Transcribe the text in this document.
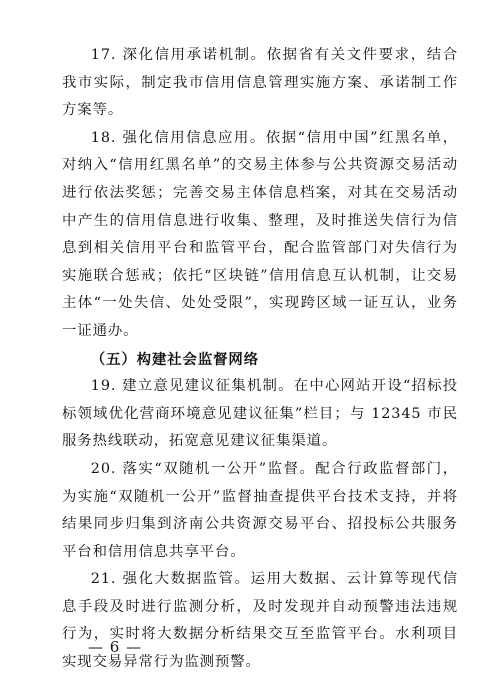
17. 深化信用承诺机制。依据省有关文件要求，结合我市实际，制定我市信用信息管理实施方案、承诺制工作方案等。

18. 强化信用信息应用。依据“信用中国”红黑名单，对纳入“信用红黑名单”的交易主体参与公共资源交易活动进行依法奖惩；完善交易主体信息档案，对其在交易活动中产生的信用信息进行收集、整理，及时推送失信行为信息到相关信用平台和监管平台，配合监管部门对失信行为实施联合惩戒；依托“区块链”信用信息互认机制，让交易主体“一处失信、处处受限”，实现跨区域一证互认，业务一证通办。

（五）构建社会监督网络

19. 建立意见建议征集机制。在中心网站开设“招标投标领域优化营商环境意见建议征集”栏目；与 12345 市民服务热线联动，拓宽意见建议征集渠道。

20. 落实“双随机一公开”监督。配合行政监督部门，为实施“双随机一公开”监督抽查提供平台技术支持，并将结果同步归集到济南公共资源交易平台、招投标公共服务平台和信用信息共享平台。

21. 强化大数据监管。运用大数据、云计算等现代信息手段及时进行监测分析，及时发现并自动预警违法违规行为，实时将大数据分析结果交互至监管平台。水利项目实现交易异常行为监测预警。

— 6 —
